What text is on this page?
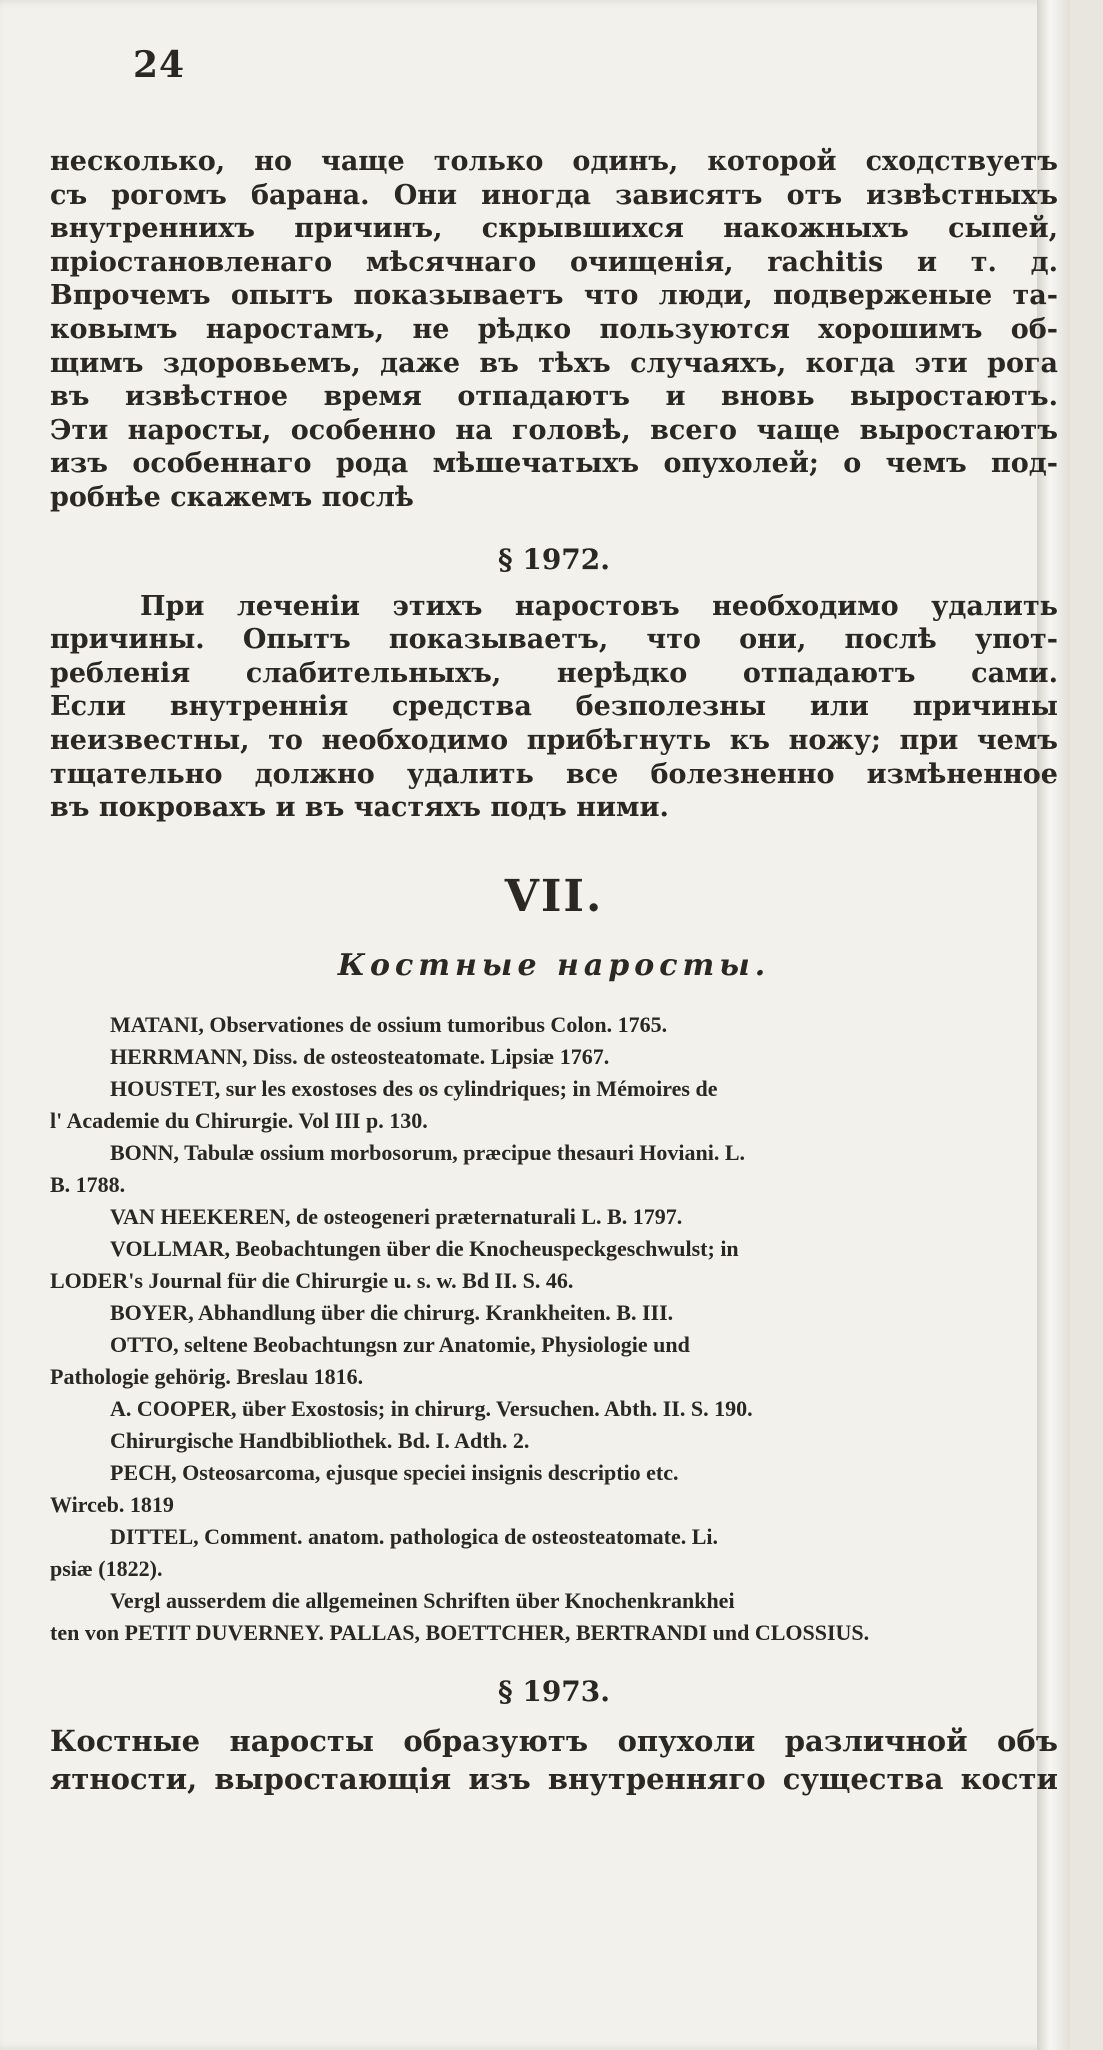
24

несколько, но чаще только одинъ, которой сходствуетъ
съ рогомъ барана. Они иногда зависятъ отъ извѣстныхъ
внутреннихъ причинъ, скрывшихся накожныхъ сыпей,
пріостановленаго мѣсячнаго очищенія, rachitis и т. д.
Впрочемъ опытъ показываетъ что люди, подверженые та-
ковымъ наростамъ, не рѣдко пользуются хорошимъ об-
щимъ здоровьемъ, даже въ тѣхъ случаяхъ, когда эти рога
въ извѣстное время отпадаютъ и вновь выростаютъ.
Эти наросты, особенно на головѣ, всего чаще выростаютъ
изъ особеннаго рода мѣшечатыхъ опухолей; о чемъ под-
робнѣе скажемъ послѣ

§ 1972.

При леченіи этихъ наростовъ необходимо удалить
причины. Опытъ показываетъ, что они, послѣ упот-
ребленія слабительныхъ, нерѣдко отпадаютъ сами.
Если внутреннія средства безполезны или причины
неизвестны, то необходимо прибѣгнуть къ ножу; при чемъ
тщательно должно удалить все болезненно измѣненное
въ покровахъ и въ частяхъ подъ ними.

VII.
Костные наросты.
MATANI, Observationes de ossium tumoribus Colon. 1765.
HERRMANN, Diss. de osteosteatomate. Lipsiæ 1767.
HOUSTET, sur les exostoses des os cylindriques; in Mémoires de
l' Academie du Chirurgie. Vol III p. 130.
BONN, Tabulæ ossium morbosorum, præcipue thesauri Hoviani. L.
B. 1788.
VAN HEEKEREN, de osteogeneri præternaturali L. B. 1797.
VOLLMAR, Beobachtungen über die Knocheuspeckgeschwulst; in
LODER's Journal für die Chirurgie u. s. w. Bd II. S. 46.
BOYER, Abhandlung über die chirurg. Krankheiten. B. III.
OTTO, seltene Beobachtungsn zur Anatomie, Physiologie und
Pathologie gehörig. Breslau 1816.
A. COOPER, über Exostosis; in chirurg. Versuchen. Abth. II. S. 190.
Chirurgische Handbibliothek. Bd. I. Adth. 2.
PECH, Osteosarcoma, ejusque speciei insignis descriptio etc.
Wirceb. 1819
DITTEL, Comment. anatom. pathologica de osteosteatomate. Li.
psiæ (1822).
Vergl ausserdem die allgemeinen Schriften über Knochenkrankhei
ten von PETIT DUVERNEY. PALLAS, BOETTCHER, BERTRANDI und CLOSSIUS.
§ 1973.

Костные наросты образуютъ опухоли различной объ
ятности, выростающія изъ внутренняго существа кости
